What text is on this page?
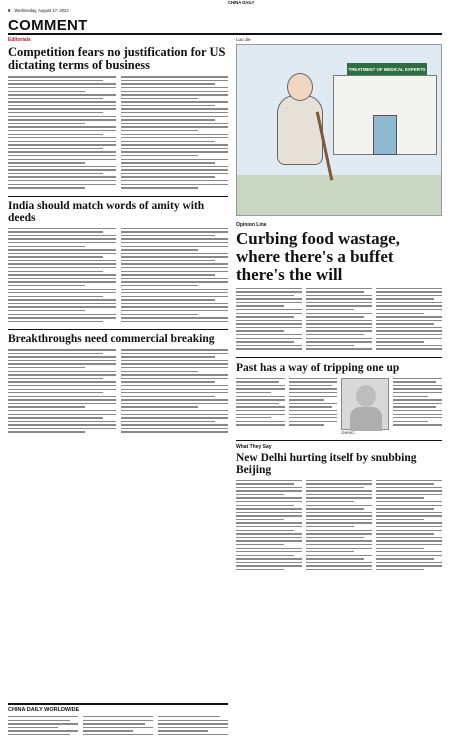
8 Wednesday, August 17, 2022
CHINA DAILY
COMMENT
Editorials
Competition fears no justification for US dictating terms of business
India should match words of amity with deeds
Breakthroughs need commercial breaking
CHINA DAILY WORLDWIDE
Luo Jie
TREATMENT OF MEDICAL EXPERTS
Opinion Line
Curbing food wastage, where there's a buffet there's the will
Past has a way of tripping one up
ZHENG...
What They Say
New Delhi hurting itself by snubbing Beijing
